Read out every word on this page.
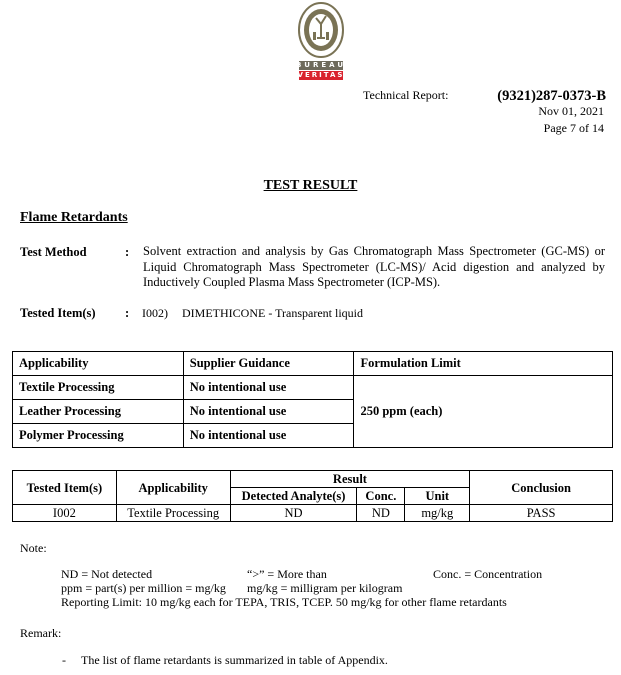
BUREAU
VERITAS
Technical Report:	(9321)287-0373-B
Nov 01, 2021
Page 7 of 14
TEST RESULT
Flame Retardants
Test Method	: Solvent extraction and analysis by Gas Chromatograph Mass Spectrometer (GC-MS) or Liquid Chromatograph Mass Spectrometer (LC-MS)/ Acid digestion and analyzed by Inductively Coupled Plasma Mass Spectrometer (ICP-MS).
Tested Item(s) : I002) DIMETHICONE - Transparent liquid
Applicability	Supplier Guidance	Formulation Limit
Textile Processing	No intentional use	250 ppm (each)
Leather Processing	No intentional use	
Polymer Processing	No intentional use	
Tested Item(s)	Applicability	Result			Conclusion
		Detected Analyte(s)	Conc.	Unit	
I002	Textile Processing	ND	ND	mg/kg	PASS
Note:
ND = Not detected	“>” = More than	Conc. = Concentration
ppm = part(s) per million = mg/kg mg/kg = milligram per kilogram
Reporting Limit: 10 mg/kg each for TEPA, TRIS, TCEP. 50 mg/kg for other flame retardants
Remark:
- The list of flame retardants is summarized in table of Appendix.
